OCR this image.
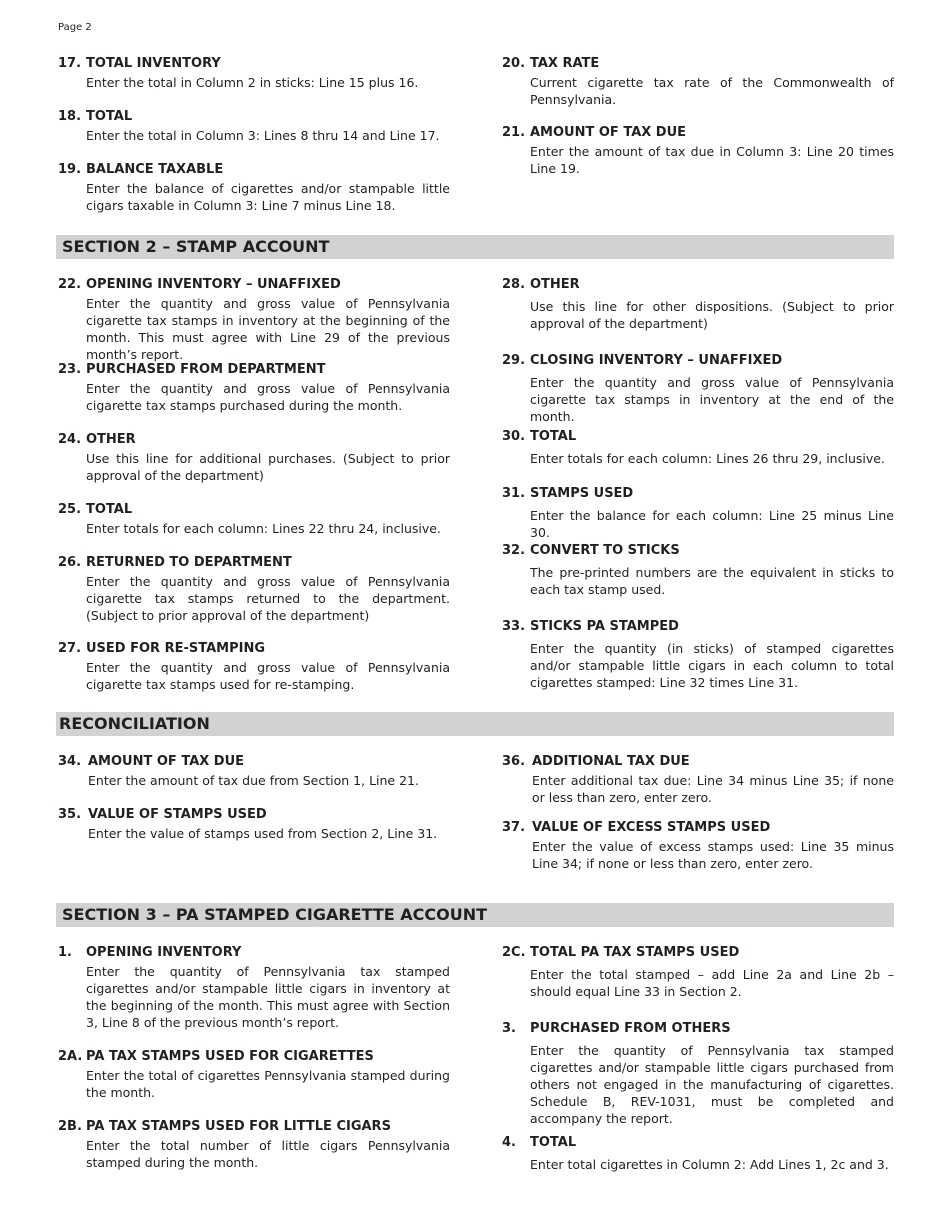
Page 2
17. TOTAL INVENTORY
Enter the total in Column 2 in sticks: Line 15 plus 16.
18. TOTAL
Enter the total in Column 3: Lines 8 thru 14 and Line 17.
19. BALANCE TAXABLE
Enter the balance of cigarettes and/or stampable little cigars taxable in Column 3: Line 7 minus Line 18.
20. TAX RATE
Current cigarette tax rate of the Commonwealth of Pennsylvania.
21. AMOUNT OF TAX DUE
Enter the amount of tax due in Column 3: Line 20 times Line 19.
SECTION 2 – STAMP ACCOUNT
22. OPENING INVENTORY – UNAFFIXED
Enter the quantity and gross value of Pennsylvania cigarette tax stamps in inventory at the beginning of the month. This must agree with Line 29 of the previous month’s report.
23. PURCHASED FROM DEPARTMENT
Enter the quantity and gross value of Pennsylvania cigarette tax stamps purchased during the month.
24. OTHER
Use this line for additional purchases. (Subject to prior approval of the department)
25. TOTAL
Enter totals for each column: Lines 22 thru 24, inclusive.
26. RETURNED TO DEPARTMENT
Enter the quantity and gross value of Pennsylvania cigarette tax stamps returned to the department. (Subject to prior approval of the department)
27. USED FOR RE-STAMPING
Enter the quantity and gross value of Pennsylvania cigarette tax stamps used for re-stamping.
28. OTHER
Use this line for other dispositions. (Subject to prior approval of the department)
29. CLOSING INVENTORY – UNAFFIXED
Enter the quantity and gross value of Pennsylvania cigarette tax stamps in inventory at the end of the month.
30. TOTAL
Enter totals for each column: Lines 26 thru 29, inclusive.
31. STAMPS USED
Enter the balance for each column: Line 25 minus Line 30.
32. CONVERT TO STICKS
The pre-printed numbers are the equivalent in sticks to each tax stamp used.
33. STICKS PA STAMPED
Enter the quantity (in sticks) of stamped cigarettes and/or stampable little cigars in each column to total cigarettes stamped: Line 32 times Line 31.
RECONCILIATION
34. AMOUNT OF TAX DUE
Enter the amount of tax due from Section 1, Line 21.
35. VALUE OF STAMPS USED
Enter the value of stamps used from Section 2, Line 31.
36. ADDITIONAL TAX DUE
Enter additional tax due: Line 34 minus Line 35; if none or less than zero, enter zero.
37. VALUE OF EXCESS STAMPS USED
Enter the value of excess stamps used: Line 35 minus Line 34; if none or less than zero, enter zero.
SECTION 3 – PA STAMPED CIGARETTE ACCOUNT
1.	OPENING INVENTORY
Enter the quantity of Pennsylvania tax stamped cigarettes and/or stampable little cigars in inventory at the beginning of the month. This must agree with Section 3, Line 8 of the previous month’s report.
2A. PA TAX STAMPS USED FOR CIGARETTES
Enter the total of cigarettes Pennsylvania stamped during the month.
2B. PA TAX STAMPS USED FOR LITTLE CIGARS
Enter the total number of little cigars Pennsylvania stamped during the month.
2C. TOTAL PA TAX STAMPS USED
Enter the total stamped – add Line 2a and Line 2b – should equal Line 33 in Section 2.
3.	PURCHASED FROM OTHERS
Enter the quantity of Pennsylvania tax stamped cigarettes and/or stampable little cigars purchased from others not engaged in the manufacturing of cigarettes. Schedule B, REV-1031, must be completed and accompany the report.
4.	TOTAL
Enter total cigarettes in Column 2: Add Lines 1, 2c and 3.
